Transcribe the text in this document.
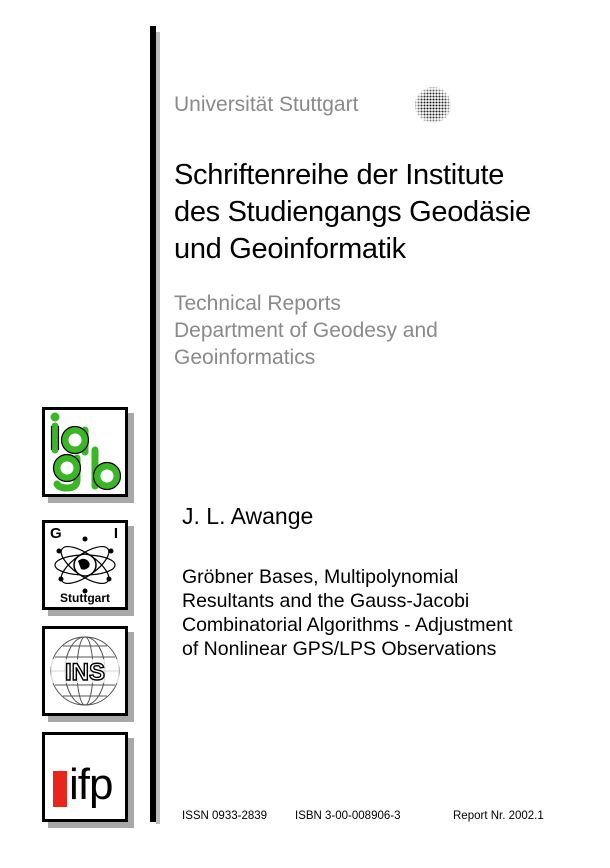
Universität Stuttgart
Schriftenreihe der Institute
des Studiengangs Geodäsie
und Geoinformatik
Technical Reports
Department of Geodesy and
Geoinformatics
G	I
Stuttgart
INS
ifp
J. L. Awange
Gröbner Bases, Multipolynomial
Resultants and the Gauss-Jacobi
Combinatorial Algorithms - Adjustment
of Nonlinear GPS/LPS Observations
ISSN 0933-2839 ISBN 3-00-008906-3	Report Nr. 2002.1
